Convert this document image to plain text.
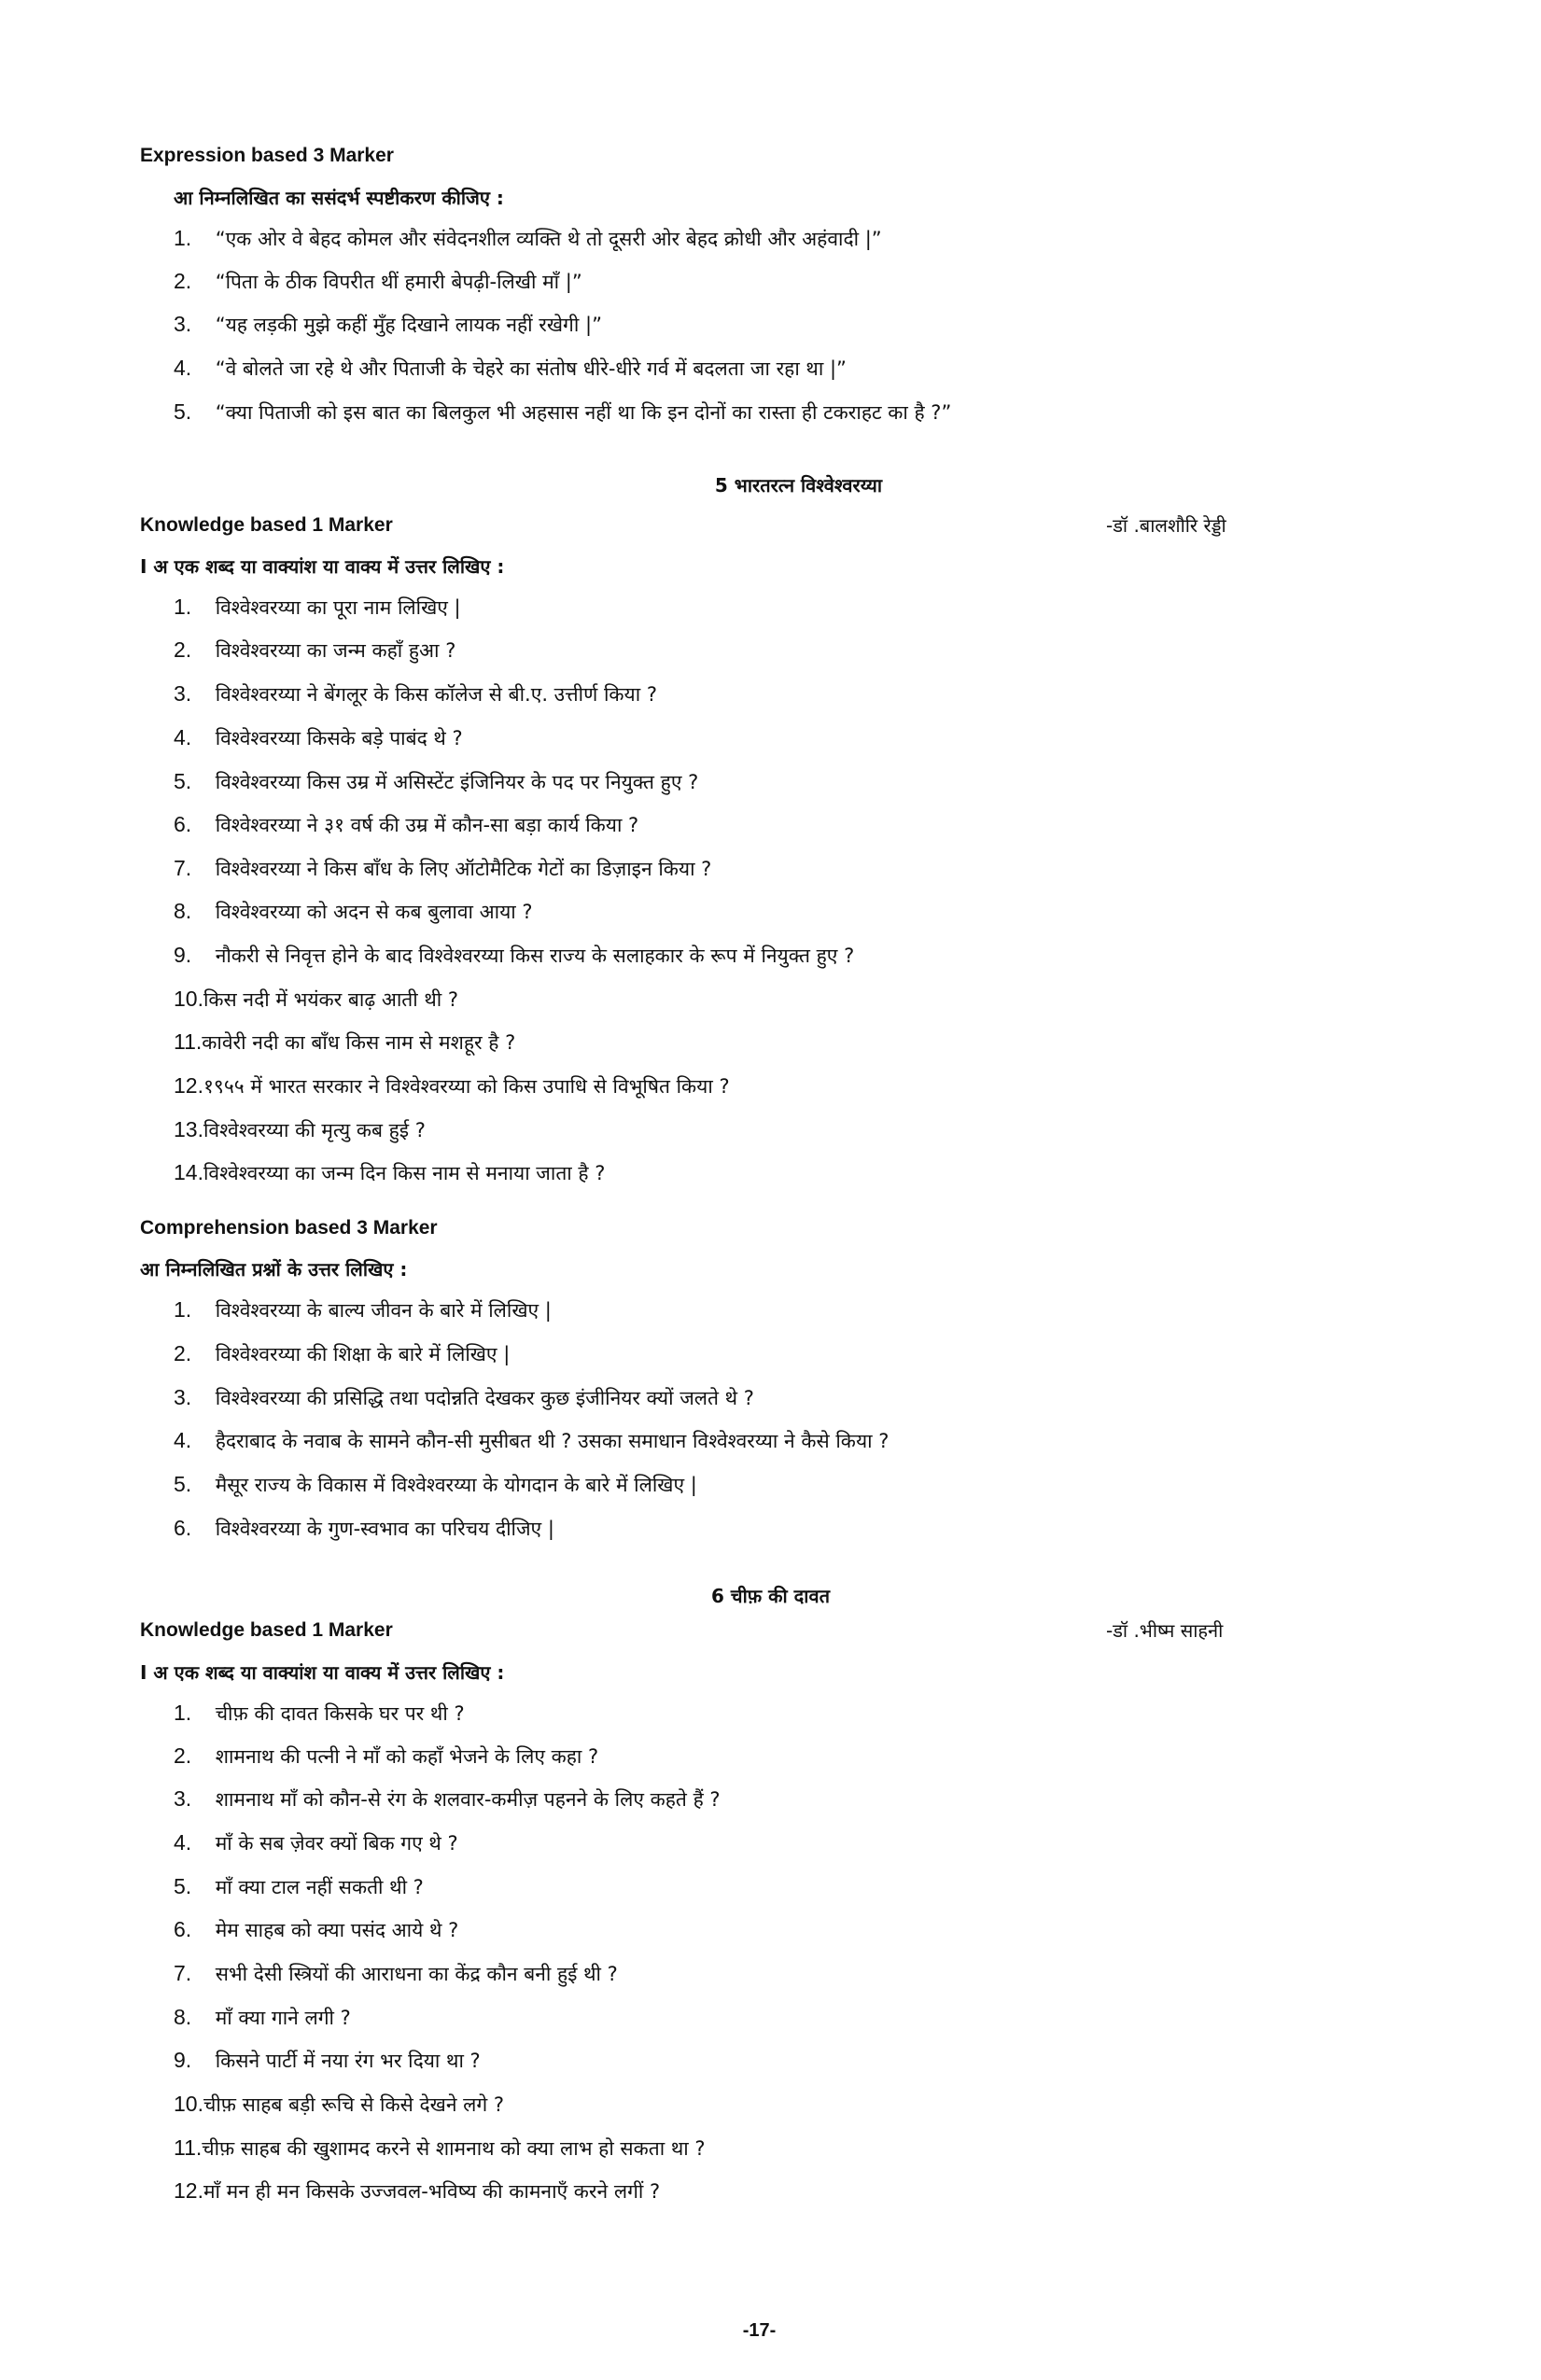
Expression based 3 Marker
आ निम्नलिखित का ससंदर्भ स्पष्टीकरण कीजिए :
1. “एक ओर वे बेहद कोमल और संवेदनशील व्यक्ति थे तो दूसरी ओर बेहद क्रोधी और अहंवादी |”
2. “पिता के ठीक विपरीत थीं हमारी बेपढ़ी-लिखी माँ |”
3. “यह लड़की मुझे कहीं मुँह दिखाने लायक नहीं रखेगी |”
4. “वे बोलते जा रहे थे और पिताजी के चेहरे का संतोष धीरे-धीरे गर्व में बदलता जा रहा था |”
5. “क्या पिताजी को इस बात का बिलकुल भी अहसास नहीं था कि इन दोनों का रास्ता ही टकराहट का है ?”
5 भारतरत्न विश्वेश्वरय्या
Knowledge based 1 Marker	-डॉ .बालशौरि रेड्डी
I अ एक शब्द या वाक्यांश या वाक्य में उत्तर लिखिए :
1. विश्वेश्वरय्या का पूरा नाम लिखिए |
2. विश्वेश्वरय्या का जन्म कहाँ हुआ ?
3. विश्वेश्वरय्या ने बेंगलूर के किस कॉलेज से बी.ए. उत्तीर्ण किया ?
4. विश्वेश्वरय्या किसके बड़े पाबंद थे ?
5. विश्वेश्वरय्या किस उम्र में असिस्टेंट इंजिनियर के पद पर नियुक्त हुए ?
6. विश्वेश्वरय्या ने ३१ वर्ष की उम्र में कौन-सा बड़ा कार्य किया ?
7. विश्वेश्वरय्या ने किस बाँध के लिए ऑटोमैटिक गेटों का डिज़ाइन किया ?
8. विश्वेश्वरय्या को अदन से कब बुलावा आया ?
9. नौकरी से निवृत्त होने के बाद विश्वेश्वरय्या किस राज्य के सलाहकार के रूप में नियुक्त हुए ?
10.किस नदी में भयंकर बाढ़ आती थी ?
11.कावेरी नदी का बाँध किस नाम से मशहूर है ?
12.१९५५ में भारत सरकार ने विश्वेश्वरय्या को किस उपाधि से विभूषित किया ?
13.विश्वेश्वरय्या की मृत्यु कब हुई ?
14.विश्वेश्वरय्या का जन्म दिन किस नाम से मनाया जाता है ?
Comprehension based 3 Marker
आ निम्नलिखित प्रश्नों के उत्तर लिखिए :
1. विश्वेश्वरय्या के बाल्य जीवन के बारे में लिखिए |
2. विश्वेश्वरय्या की शिक्षा के बारे में लिखिए |
3. विश्वेश्वरय्या की प्रसिद्धि तथा पदोन्नति देखकर कुछ इंजीनियर क्यों जलते थे ?
4. हैदराबाद के नवाब के सामने कौन-सी मुसीबत थी ? उसका समाधान विश्वेश्वरय्या ने कैसे किया ?
5. मैसूर राज्य के विकास में विश्वेश्वरय्या के योगदान के बारे में लिखिए |
6. विश्वेश्वरय्या के गुण-स्वभाव का परिचय दीजिए |
6 चीफ़ की दावत
Knowledge based 1 Marker	-डॉ .भीष्म साहनी
I अ एक शब्द या वाक्यांश या वाक्य में उत्तर लिखिए :
1. चीफ़ की दावत किसके घर पर थी ?
2. शामनाथ की पत्नी ने माँ को कहाँ भेजने के लिए कहा ?
3. शामनाथ माँ को कौन-से रंग के शलवार-कमीज़ पहनने के लिए कहते हैं ?
4. माँ के सब ज़ेवर क्यों बिक गए थे ?
5. माँ क्या टाल नहीं सकती थी ?
6. मेम साहब को क्या पसंद आये थे ?
7. सभी देसी स्त्रियों की आराधना का केंद्र कौन बनी हुई थी ?
8. माँ क्या गाने लगी ?
9. किसने पार्टी में नया रंग भर दिया था ?
10.चीफ़ साहब बड़ी रूचि से किसे देखने लगे ?
11.चीफ़ साहब की खुशामद करने से शामनाथ को क्या लाभ हो सकता था ?
12.माँ मन ही मन किसके उज्जवल-भविष्य की कामनाएँ करने लगीं ?
-17-
